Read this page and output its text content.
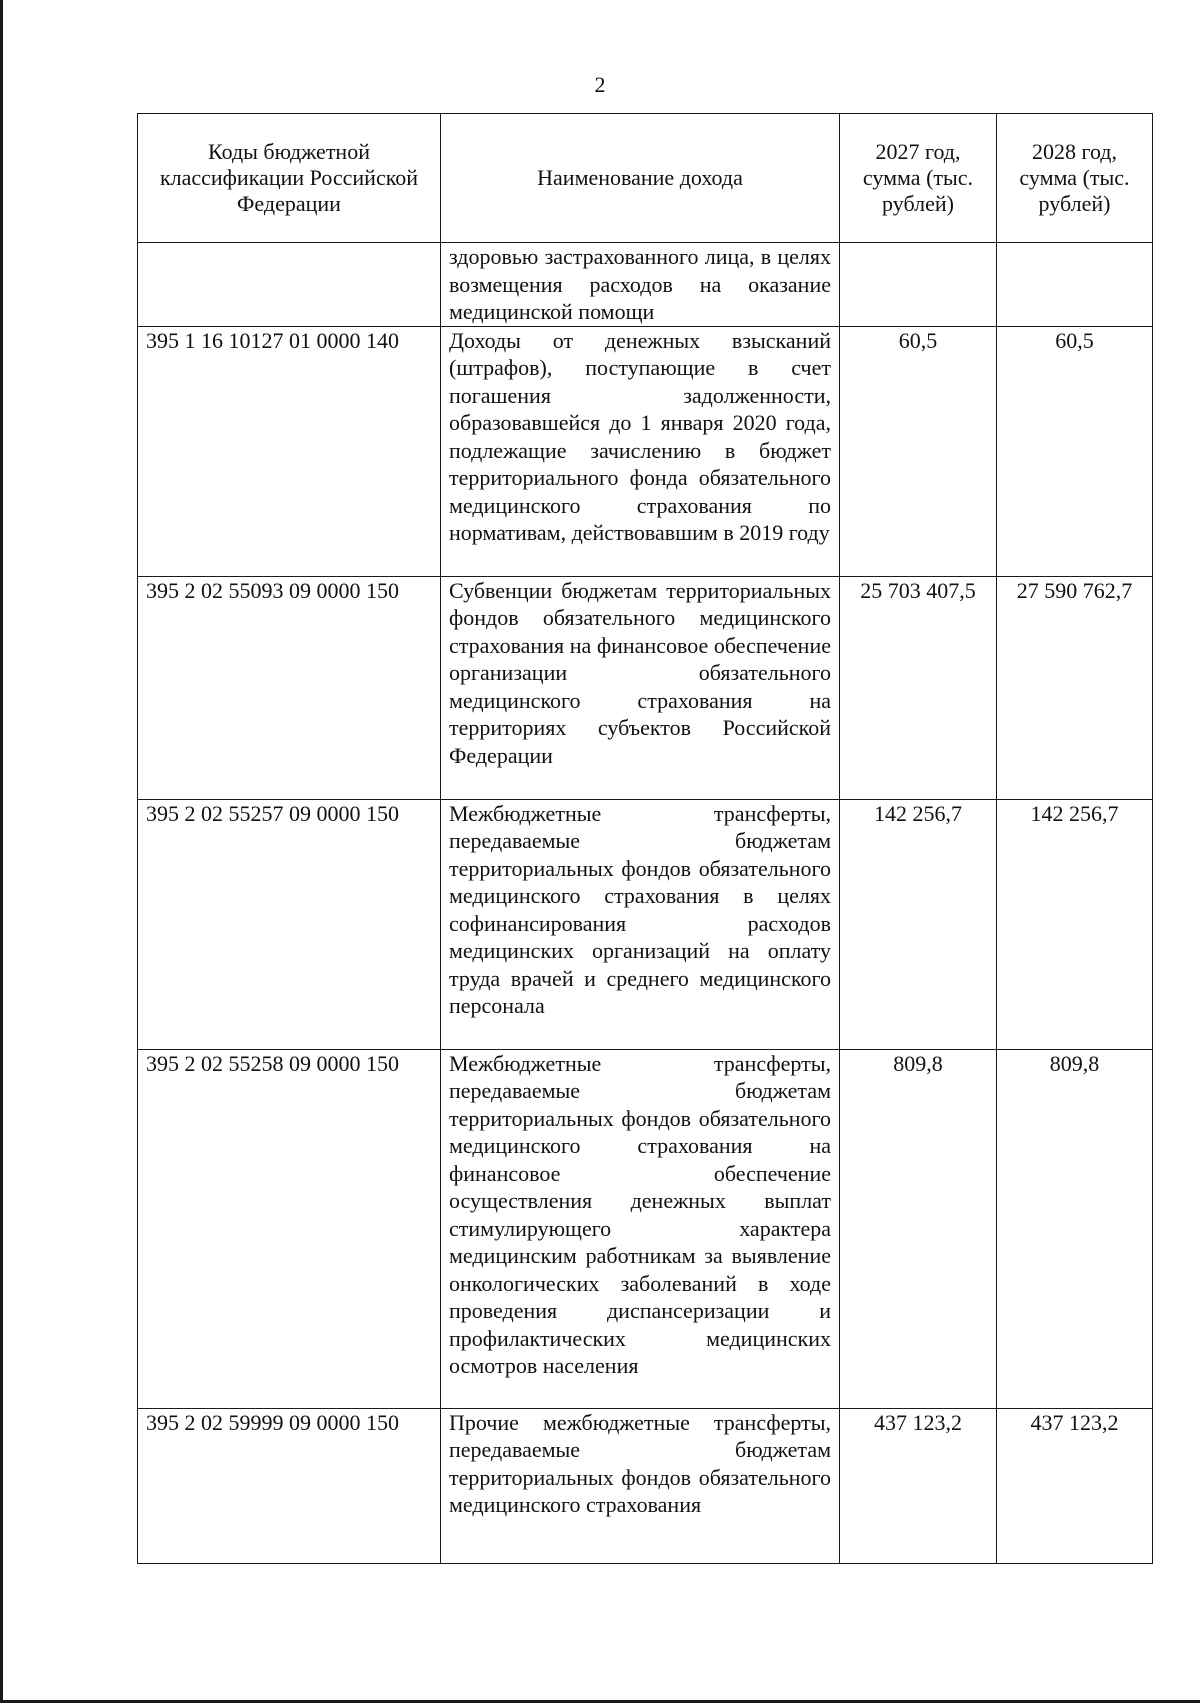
2
Коды бюджетной классификации Российской Федерации	Наименование дохода	2027 год, сумма (тыс. рублей)	2028 год, сумма (тыс. рублей)
	здоровью застрахованного лица, в целях возмещения расходов на оказание медицинской помощи		
395 1 16 10127 01 0000 140	Доходы от денежных взысканий (штрафов), поступающие в счет погашения задолженности, образовавшейся до 1 января 2020 года, подлежащие зачислению в бюджет территориального фонда обязательного медицинского страхования по нормативам, действовавшим в 2019 году	60,5	60,5
395 2 02 55093 09 0000 150	Субвенции бюджетам территориальных фондов обязательного медицинского страхования на финансовое обеспечение организации обязательного медицинского страхования на территориях субъектов Российской Федерации	25 703 407,5	27 590 762,7
395 2 02 55257 09 0000 150	Межбюджетные трансферты, передаваемые бюджетам территориальных фондов обязательного медицинского страхования в целях софинансирования расходов медицинских организаций на оплату труда врачей и среднего медицинского персонала	142 256,7	142 256,7
395 2 02 55258 09 0000 150	Межбюджетные трансферты, передаваемые бюджетам территориальных фондов обязательного медицинского страхования на финансовое обеспечение осуществления денежных выплат стимулирующего характера медицинским работникам за выявление онкологических заболеваний в ходе проведения диспансеризации и профилактических медицинских осмотров населения	809,8	809,8
395 2 02 59999 09 0000 150	Прочие межбюджетные трансферты, передаваемые бюджетам территориальных фондов обязательного медицинского страхования	437 123,2	437 123,2
